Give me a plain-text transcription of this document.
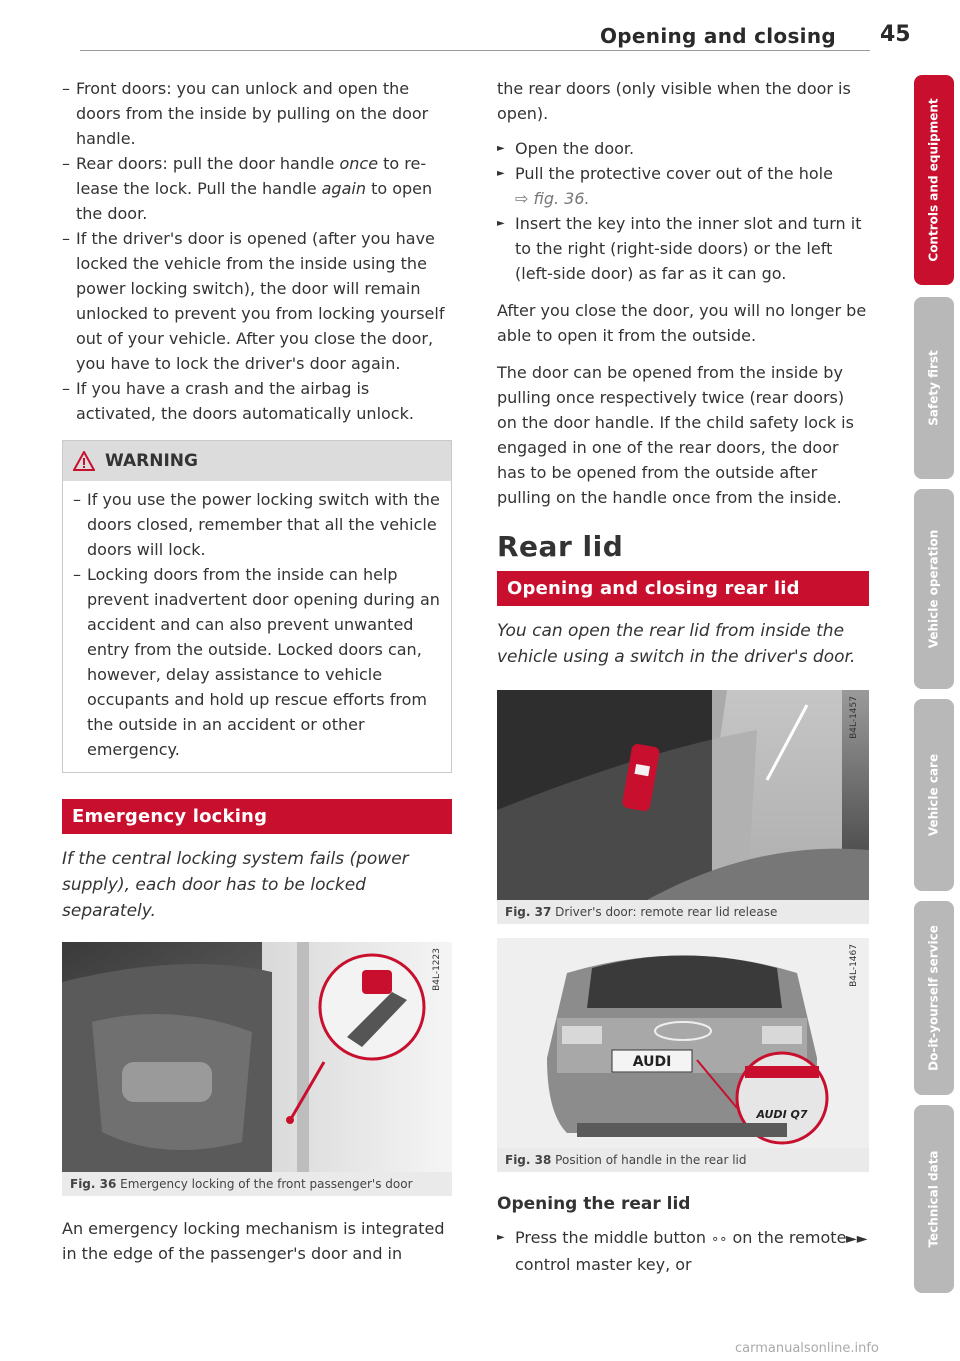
Opening and closing 45
– Front doors: you can unlock and open the doors from the inside by pulling on the door handle.
– Rear doors: pull the door handle once to re-lease the lock. Pull the handle again to open the door.
– If the driver's door is opened (after you have locked the vehicle from the inside using the power locking switch), the door will remain unlocked to prevent you from locking yourself out of your vehicle. After you close the door, you have to lock the driver's door again.
– If you have a crash and the airbag is activated, the doors automatically unlock.
WARNING
– If you use the power locking switch with the doors closed, remember that all the vehicle doors will lock.
– Locking doors from the inside can help prevent inadvertent door opening during an accident and can also prevent unwanted entry from the outside. Locked doors can, however, delay assistance to vehicle occupants and hold up rescue efforts from the outside in an accident or other emergency.
Emergency locking
If the central locking system fails (power supply), each door has to be locked separately.
B4L-1223
Fig. 36 Emergency locking of the front passenger's door
An emergency locking mechanism is integrated in the edge of the passenger's door and in
the rear doors (only visible when the door is open).
► Open the door.
► Pull the protective cover out of the hole
⇨ fig. 36.
► Insert the key into the inner slot and turn it to the right (right-side doors) or the left (left-side door) as far as it can go.
After you close the door, you will no longer be able to open it from the outside.
The door can be opened from the inside by pulling once respectively twice (rear doors) on the door handle. If the child safety lock is engaged in one of the rear doors, the door has to be opened from the outside after pulling on the handle once from the inside.
Rear lid
Opening and closing rear lid
You can open the rear lid from inside the vehicle using a switch in the driver's door.
B4L-1457
Fig. 37 Driver's door: remote rear lid release
AUDI
AUDI Q7
B4L-1467
Fig. 38 Position of handle in the rear lid
Opening the rear lid
► Press the middle button ∘∘ on the remote control master key, or
►►
Controls and equipment
Safety first
Vehicle operation
Vehicle care
Do-it-yourself service
Technical data
carmanualsonline.info
